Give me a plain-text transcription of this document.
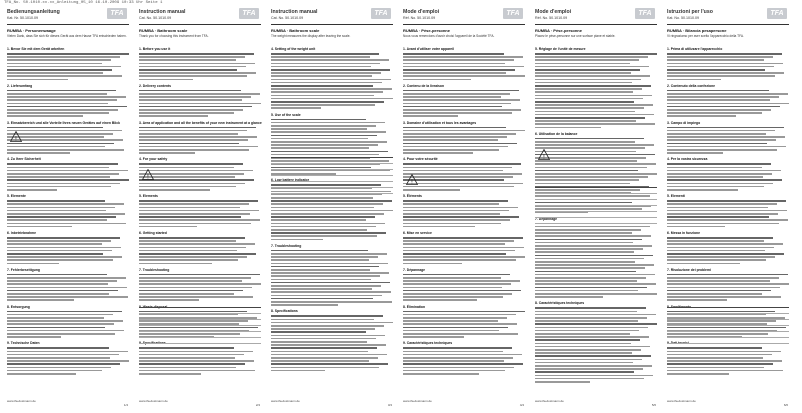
TFA_No. 50.1010.xx.xx_Anleitung_05_10 16.10.2009 10:33 Uhr Seite 1
Bedienungsanleitung
Kat. Nr. 50.1010.09
TFA
RUMBA · Personenwaage
Vielen Dank, dass Sie sich für dieses Gerät aus dem Hause TFA entschieden haben.
1. Bevor Sie mit dem Gerät arbeiten
2. Lieferumfang
3. Einsatzbereich und alle Vorteile Ihres neuen Gerätes auf einen Blick
4. Zu Ihrer Sicherheit
5. Elemente
6. Inbetriebnahme
7. Fehlerbeseitigung
8. Entsorgung
9. Technische Daten
!
www.tfa-dostmann.de
1/4
Instruction manual
Cat. No. 50.1010.09
TFA
RUMBA · Bathroom scale
Thank you for choosing this instrument from TFA.
1. Before you use it
2. Delivery contents
3. Area of application and all the benefits of your new instrument at a glance
4. For your safety
5. Elements
6. Getting started
7. Troubleshooting
8. Waste disposal
9. Specifications
!
www.tfa-dostmann.de
2/4
Instruction manual
Cat. No. 50.1010.09
TFA
RUMBA · Bathroom scale
The weight measures the display after leaving the scale.
4. Setting of the weight unit
5. Use of the scale
6. Low battery indicator
7. Troubleshooting
8. Specifications
www.tfa-dostmann.de
3/4
Mode d'emploi
Réf. No. 50.1010.09
TFA
RUMBA · Pèse-personne
Nous vous remercions d'avoir choisi l'appareil de la Société TFA.
1. Avant d'utiliser votre appareil
2. Contenu de la livraison
3. Domaine d'utilisation et tous les avantages
4. Pour votre sécurité
5. Éléments
6. Mise en service
7. Dépannage
8. Élimination
9. Caractéristiques techniques
!
www.tfa-dostmann.de
4/4
Mode d'emploi
Réf. No. 50.1010.09
TFA
RUMBA · Pèse-personne
Placez le pèse-personne sur une surface plane et stable.
5. Réglage de l'unité de mesure
6. Utilisation de la balance
7. Dépannage
8. Caractéristiques techniques
!
www.tfa-dostmann.de
5/6
Istruzioni per l'uso
Kat. No. 50.1010.09
TFA
RUMBA · Bilancia pesapersone
Vi ringraziamo per aver scelto l'apparecchio della TFA.
1. Prima di utilizzare l'apparecchio
2. Contenuto della confezione
3. Campo di impiego
4. Per la vostra sicurezza
5. Elementi
6. Messa in funzione
7. Risoluzione dei problemi
8. Smaltimento
9. Dati tecnici
www.tfa-dostmann.de
6/6
